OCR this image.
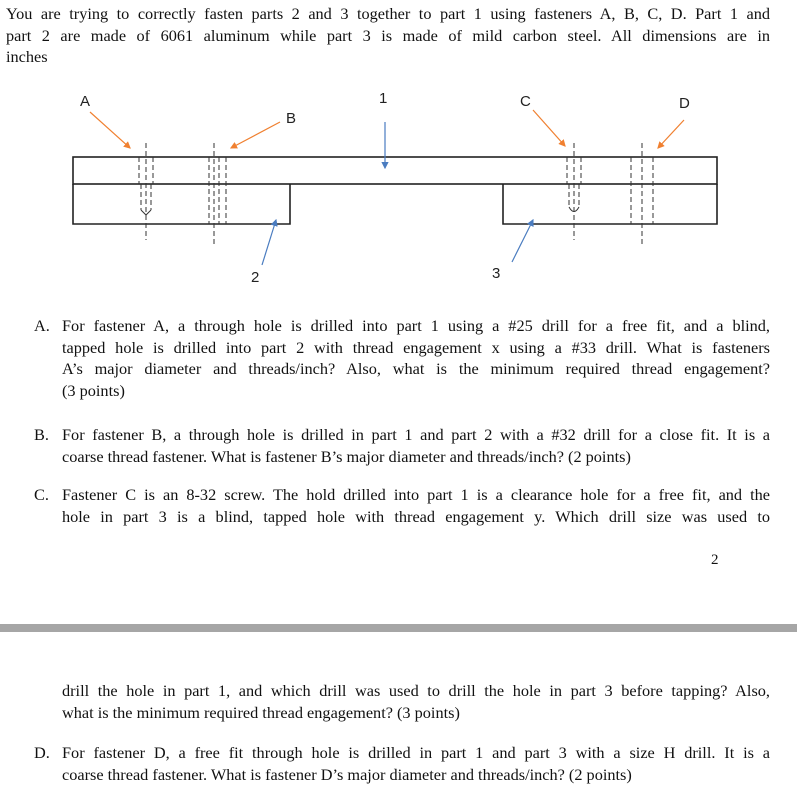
You are trying to correctly fasten parts 2 and 3 together to part 1 using fasteners A, B, C, D. Part 1 and
part 2 are made of 6061 aluminum while part 3 is made of mild carbon steel. All dimensions are in
inches
A
B
1	C	D
2	3
A. For fastener A, a through hole is drilled into part 1 using a #25 drill for a free fit, and a blind,
tapped hole is drilled into part 2 with thread engagement x using a #33 drill. What is fasteners
A’s major diameter and threads/inch? Also, what is the minimum required thread engagement?
(3 points)
B. For fastener B, a through hole is drilled in part 1 and part 2 with a #32 drill for a close fit. It is a
coarse thread fastener. What is fastener B’s major diameter and threads/inch? (2 points)
C. Fastener C is an 8-32 screw. The hold drilled into part 1 is a clearance hole for a free fit, and the
hole in part 3 is a blind, tapped hole with thread engagement y. Which drill size was used to
2
drill the hole in part 1, and which drill was used to drill the hole in part 3 before tapping? Also,
what is the minimum required thread engagement? (3 points)
D. For fastener D, a free fit through hole is drilled in part 1 and part 3 with a size H drill. It is a
coarse thread fastener. What is fastener D’s major diameter and threads/inch? (2 points)
